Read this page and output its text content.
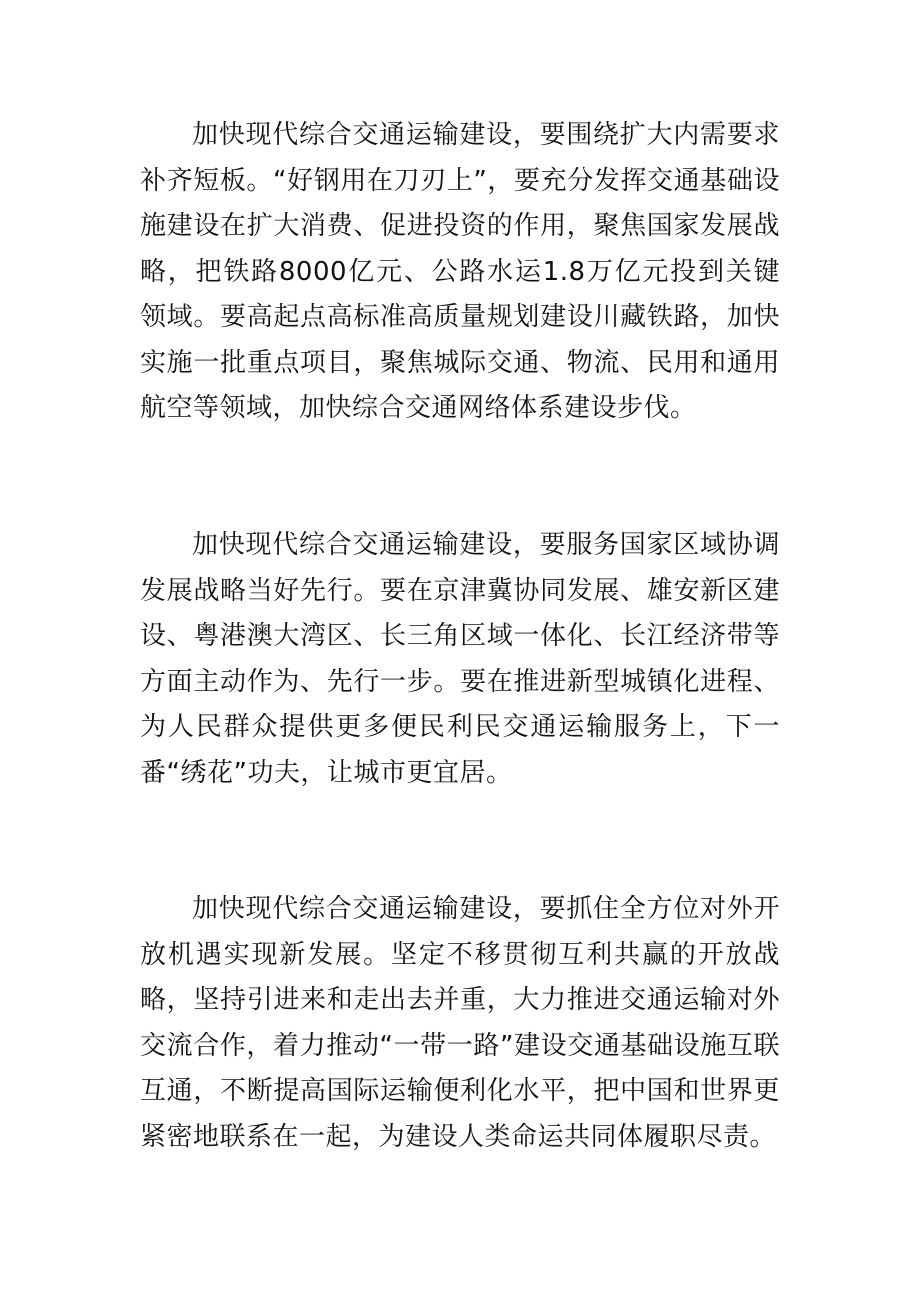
加快现代综合交通运输建设，要围绕扩大内需要求补齐短板。“好钢用在刀刃上”，要充分发挥交通基础设施建设在扩大消费、促进投资的作用，聚焦国家发展战略，把铁路8000亿元、公路水运1.8万亿元投到关键领域。要高起点高标准高质量规划建设川藏铁路，加快实施一批重点项目，聚焦城际交通、物流、民用和通用航空等领域，加快综合交通网络体系建设步伐。

加快现代综合交通运输建设，要服务国家区域协调发展战略当好先行。要在京津冀协同发展、雄安新区建设、粤港澳大湾区、长三角区域一体化、长江经济带等方面主动作为、先行一步。要在推进新型城镇化进程、为人民群众提供更多便民利民交通运输服务上，下一番“绣花”功夫，让城市更宜居。

加快现代综合交通运输建设，要抓住全方位对外开放机遇实现新发展。坚定不移贯彻互利共赢的开放战略，坚持引进来和走出去并重，大力推进交通运输对外交流合作，着力推动“一带一路”建设交通基础设施互联互通，不断提高国际运输便利化水平，把中国和世界更紧密地联系在一起，为建设人类命运共同体履职尽责。
